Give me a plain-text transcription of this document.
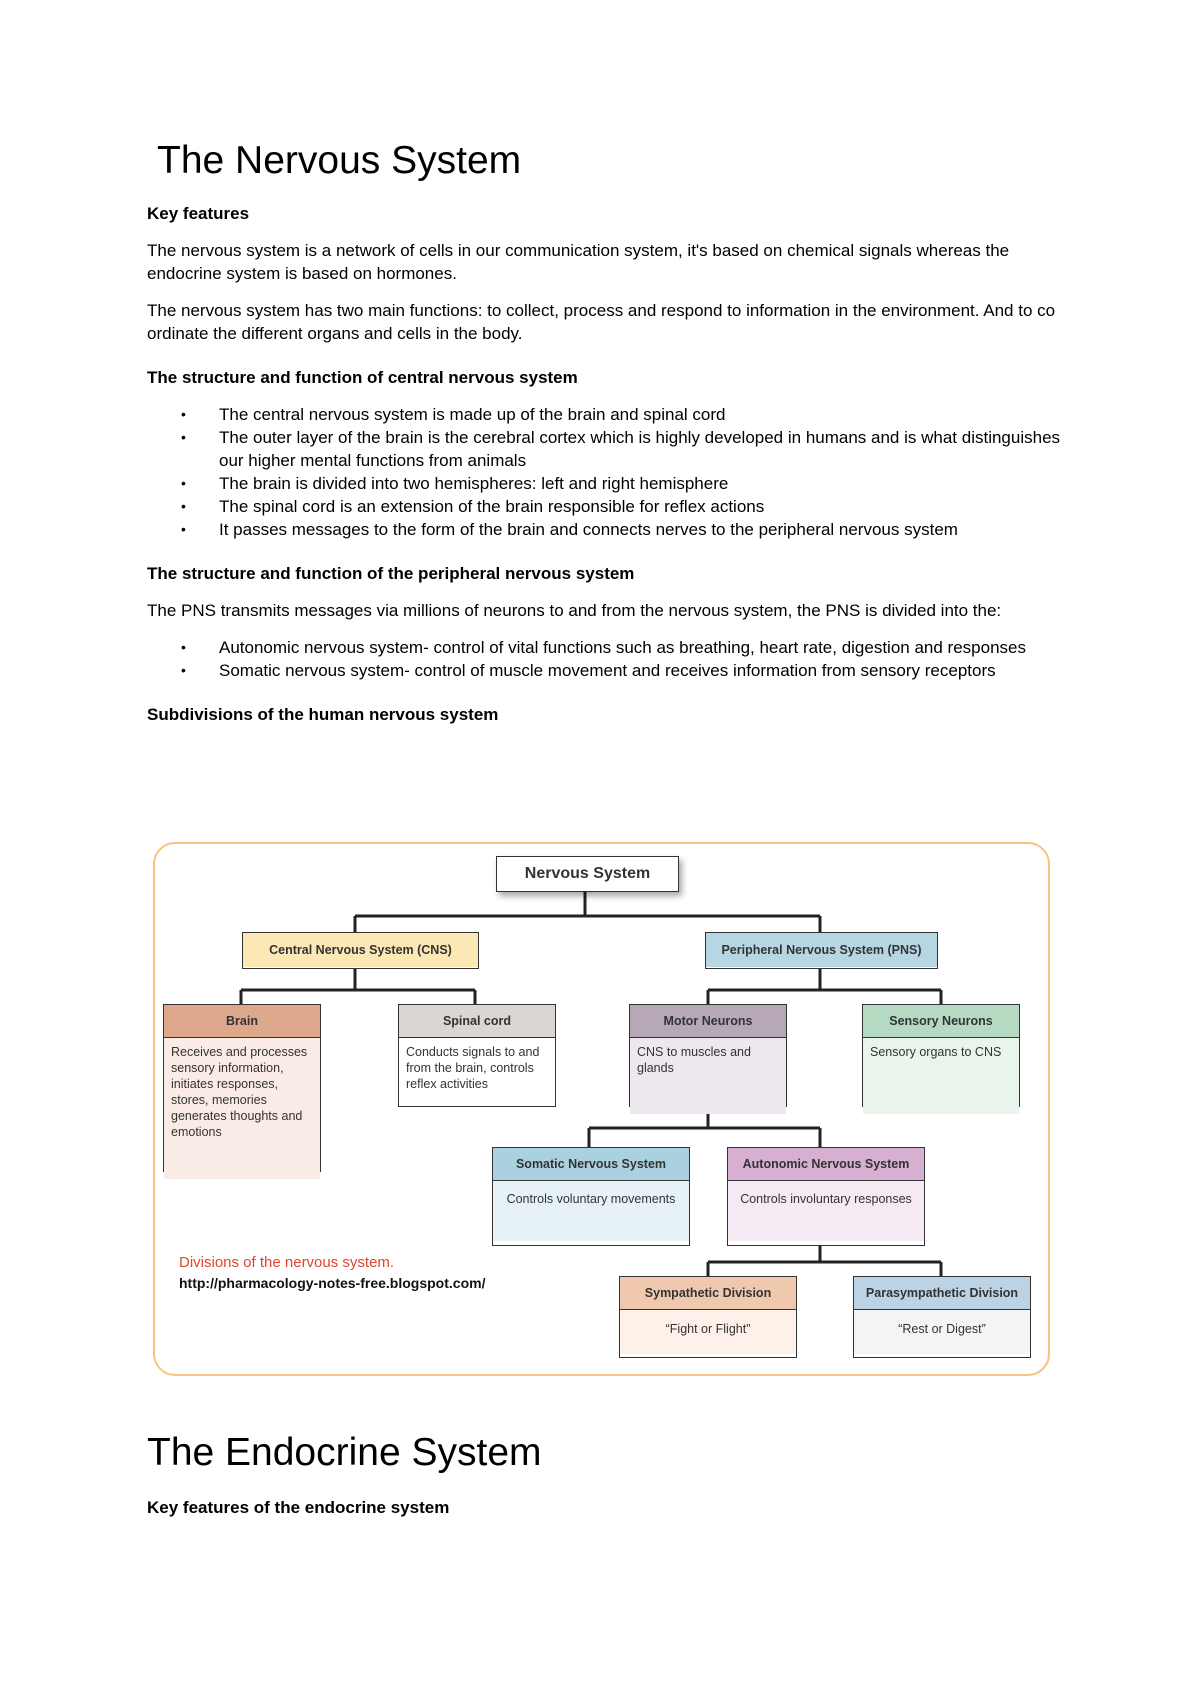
The Nervous System
Key features

The nervous system is a network of cells in our communication system, it's based on chemical signals whereas the endocrine system is based on hormones.

The nervous system has two main functions: to collect, process and respond to information in the environment. And to co ordinate the different organs and cells in the body.

The structure and function of central nervous system
• The central nervous system is made up of the brain and spinal cord
• The outer layer of the brain is the cerebral cortex which is highly developed in humans and is what distinguishes our higher mental functions from animals
• The brain is divided into two hemispheres: left and right hemisphere
• The spinal cord is an extension of the brain responsible for reflex actions
• It passes messages to the form of the brain and connects nerves to the peripheral nervous system
The structure and function of the peripheral nervous system

The PNS transmits messages via millions of neurons to and from the nervous system, the PNS is divided into the:

• Autonomic nervous system- control of vital functions such as breathing, heart rate, digestion and responses
• Somatic nervous system- control of muscle movement and receives information from sensory receptors
Subdivisions of the human nervous system
Nervous System
Central Nervous System (CNS)	Peripheral Nervous System (PNS)
Brain
Receives and processes sensory information, initiates responses, stores, memories generates thoughts and emotions
Spinal cord
Conducts signals to and from the brain, controls reflex activities
Motor Neurons
CNS to muscles and glands
Sensory Neurons
Sensory organs to CNS
Somatic Nervous System
Controls voluntary movements
Autonomic Nervous System
Controls involuntary responses
Sympathetic Division
“Fight or Flight”
Parasympathetic Division
“Rest or Digest”
Divisions of the nervous system.
http://pharmacology-notes-free.blogspot.com/
The Endocrine System
Key features of the endocrine system
